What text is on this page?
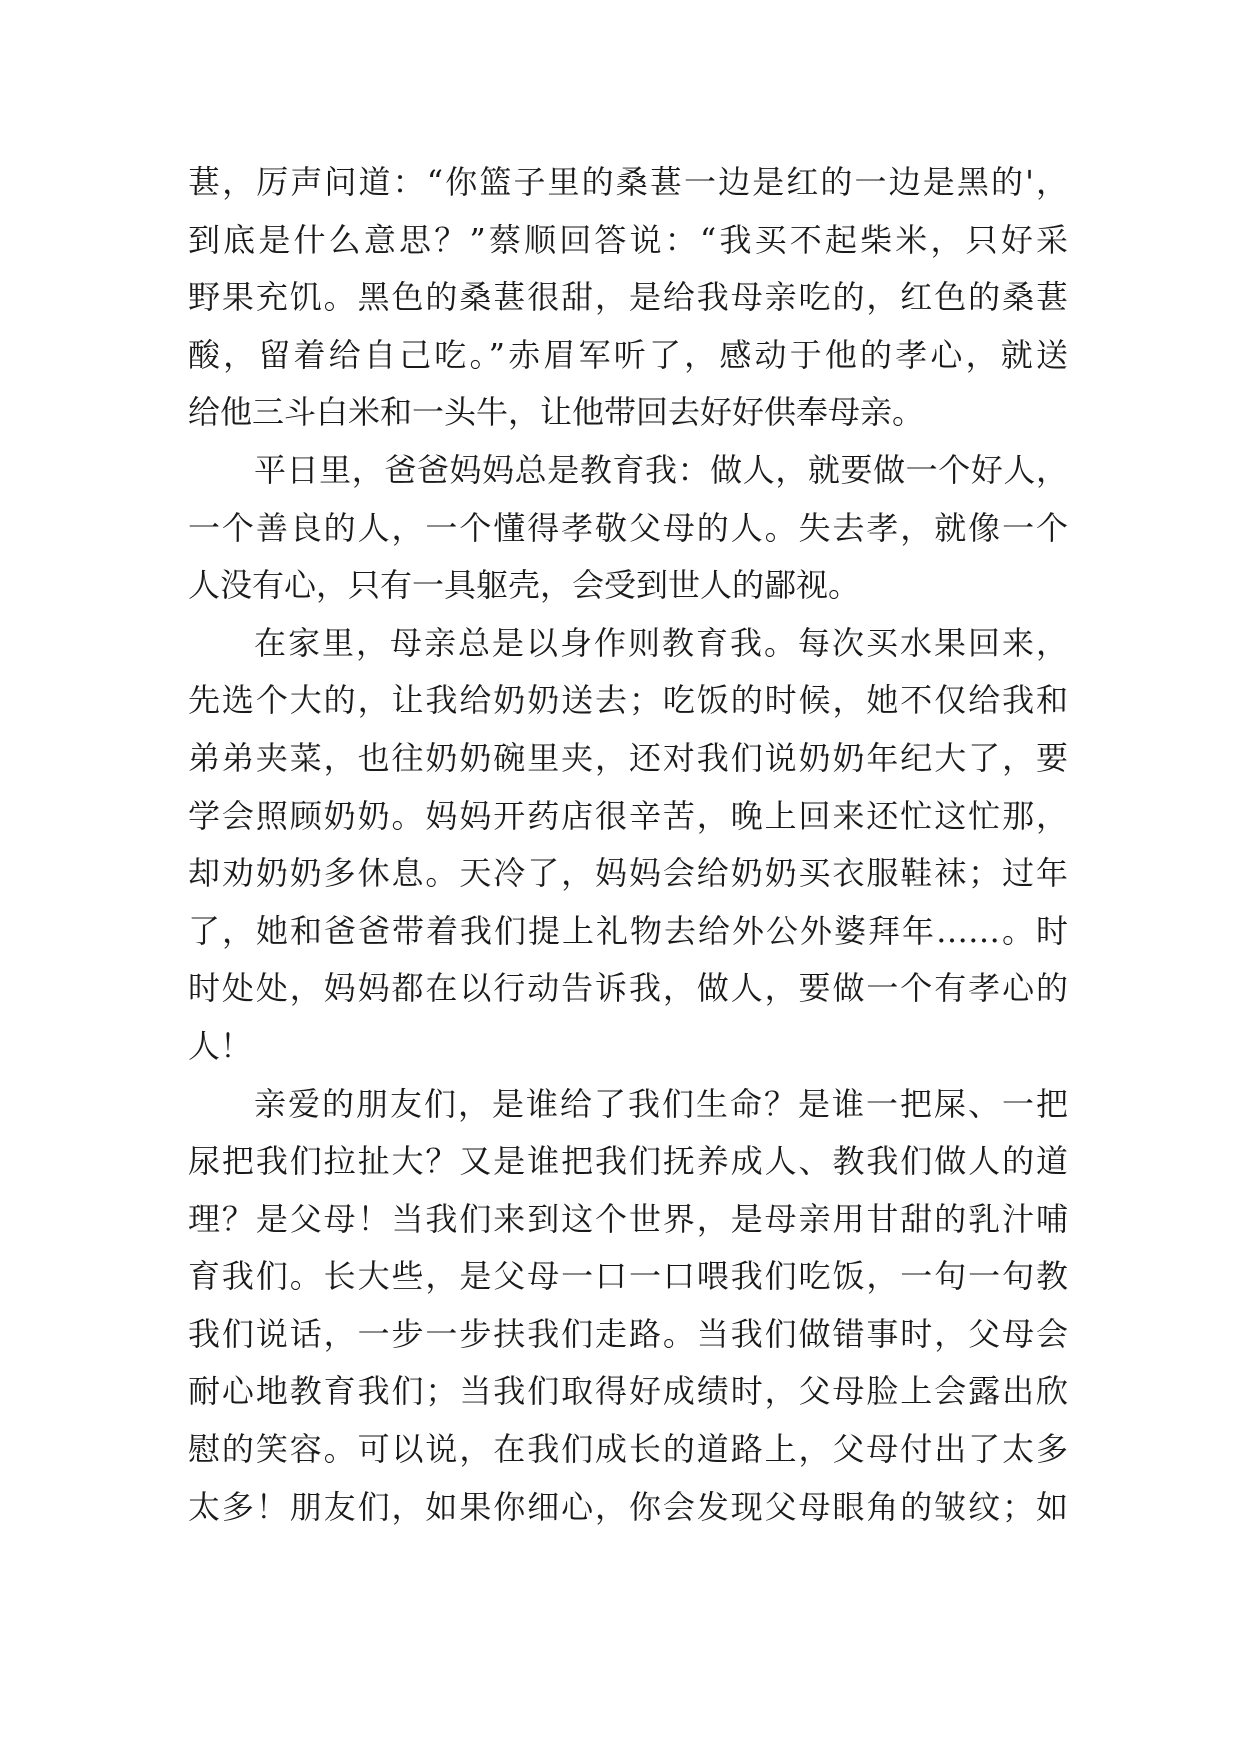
葚，厉声问道：“你篮子里的桑葚一边是红的一边是黑的'，
到底是什么意思？”蔡顺回答说：“我买不起柴米，只好采
野果充饥。黑色的桑葚很甜，是给我母亲吃的，红色的桑葚
酸，留着给自己吃。”赤眉军听了，感动于他的孝心，就送
给他三斗白米和一头牛，让他带回去好好供奉母亲。
平日里，爸爸妈妈总是教育我：做人，就要做一个好人，
一个善良的人，一个懂得孝敬父母的人。失去孝，就像一个
人没有心，只有一具躯壳，会受到世人的鄙视。
在家里，母亲总是以身作则教育我。每次买水果回来，
先选个大的，让我给奶奶送去；吃饭的时候，她不仅给我和
弟弟夹菜，也往奶奶碗里夹，还对我们说奶奶年纪大了，要
学会照顾奶奶。妈妈开药店很辛苦，晚上回来还忙这忙那，
却劝奶奶多休息。天冷了，妈妈会给奶奶买衣服鞋袜；过年
了，她和爸爸带着我们提上礼物去给外公外婆拜年……。时
时处处，妈妈都在以行动告诉我，做人，要做一个有孝心的
人！
亲爱的朋友们，是谁给了我们生命？是谁一把屎、一把
尿把我们拉扯大？又是谁把我们抚养成人、教我们做人的道
理？是父母！当我们来到这个世界，是母亲用甘甜的乳汁哺
育我们。长大些，是父母一口一口喂我们吃饭，一句一句教
我们说话，一步一步扶我们走路。当我们做错事时，父母会
耐心地教育我们；当我们取得好成绩时，父母脸上会露出欣
慰的笑容。可以说，在我们成长的道路上，父母付出了太多
太多！朋友们，如果你细心，你会发现父母眼角的皱纹；如
